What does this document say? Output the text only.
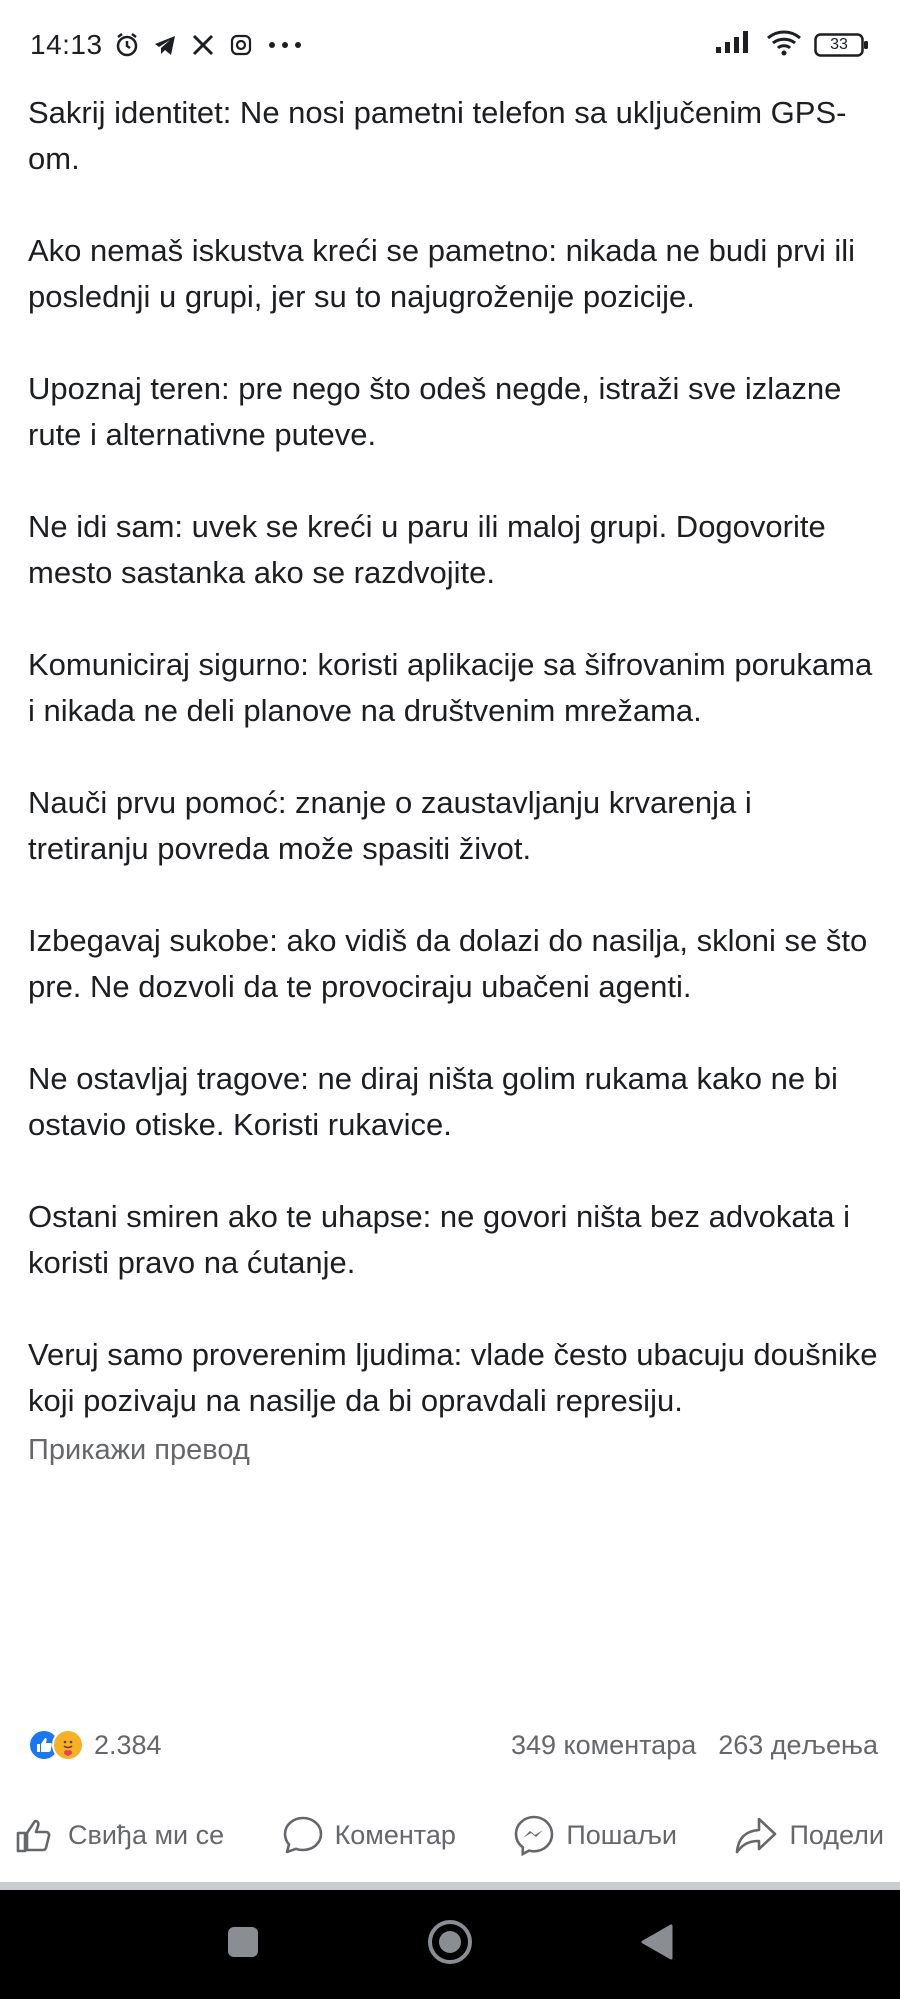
14:13	33

Sakrij identitet: Ne nosi pametni telefon sa uključenim GPS-om.

Ako nemaš iskustva kreći se pametno: nikada ne budi prvi ili poslednji u grupi, jer su to najugroženije pozicije.

Upoznaj teren: pre nego što odeš negde, istraži sve izlazne rute i alternativne puteve.

Ne idi sam: uvek se kreći u paru ili maloj grupi. Dogovorite mesto sastanka ako se razdvojite.

Komuniciraj sigurno: koristi aplikacije sa šifrovanim porukama i nikada ne deli planove na društvenim mrežama.

Nauči prvu pomoć: znanje o zaustavljanju krvarenja i tretiranju povreda može spasiti život.

Izbegavaj sukobe: ako vidiš da dolazi do nasilja, skloni se što pre. Ne dozvoli da te provociraju ubačeni agenti.

Ne ostavljaj tragove: ne diraj ništa golim rukama kako ne bi ostavio otiske. Koristi rukavice.

Ostani smiren ako te uhapse: ne govori ništa bez advokata i koristi pravo na ćutanje.

Veruj samo proverenim ljudima: vlade često ubacuju doušnike koji pozivaju na nasilje da bi opravdali represiju.

Прикажи превод
2.384	349 коментара 263 дељења
Свиђа ми се	Коментар	Пошаљи	Подели
